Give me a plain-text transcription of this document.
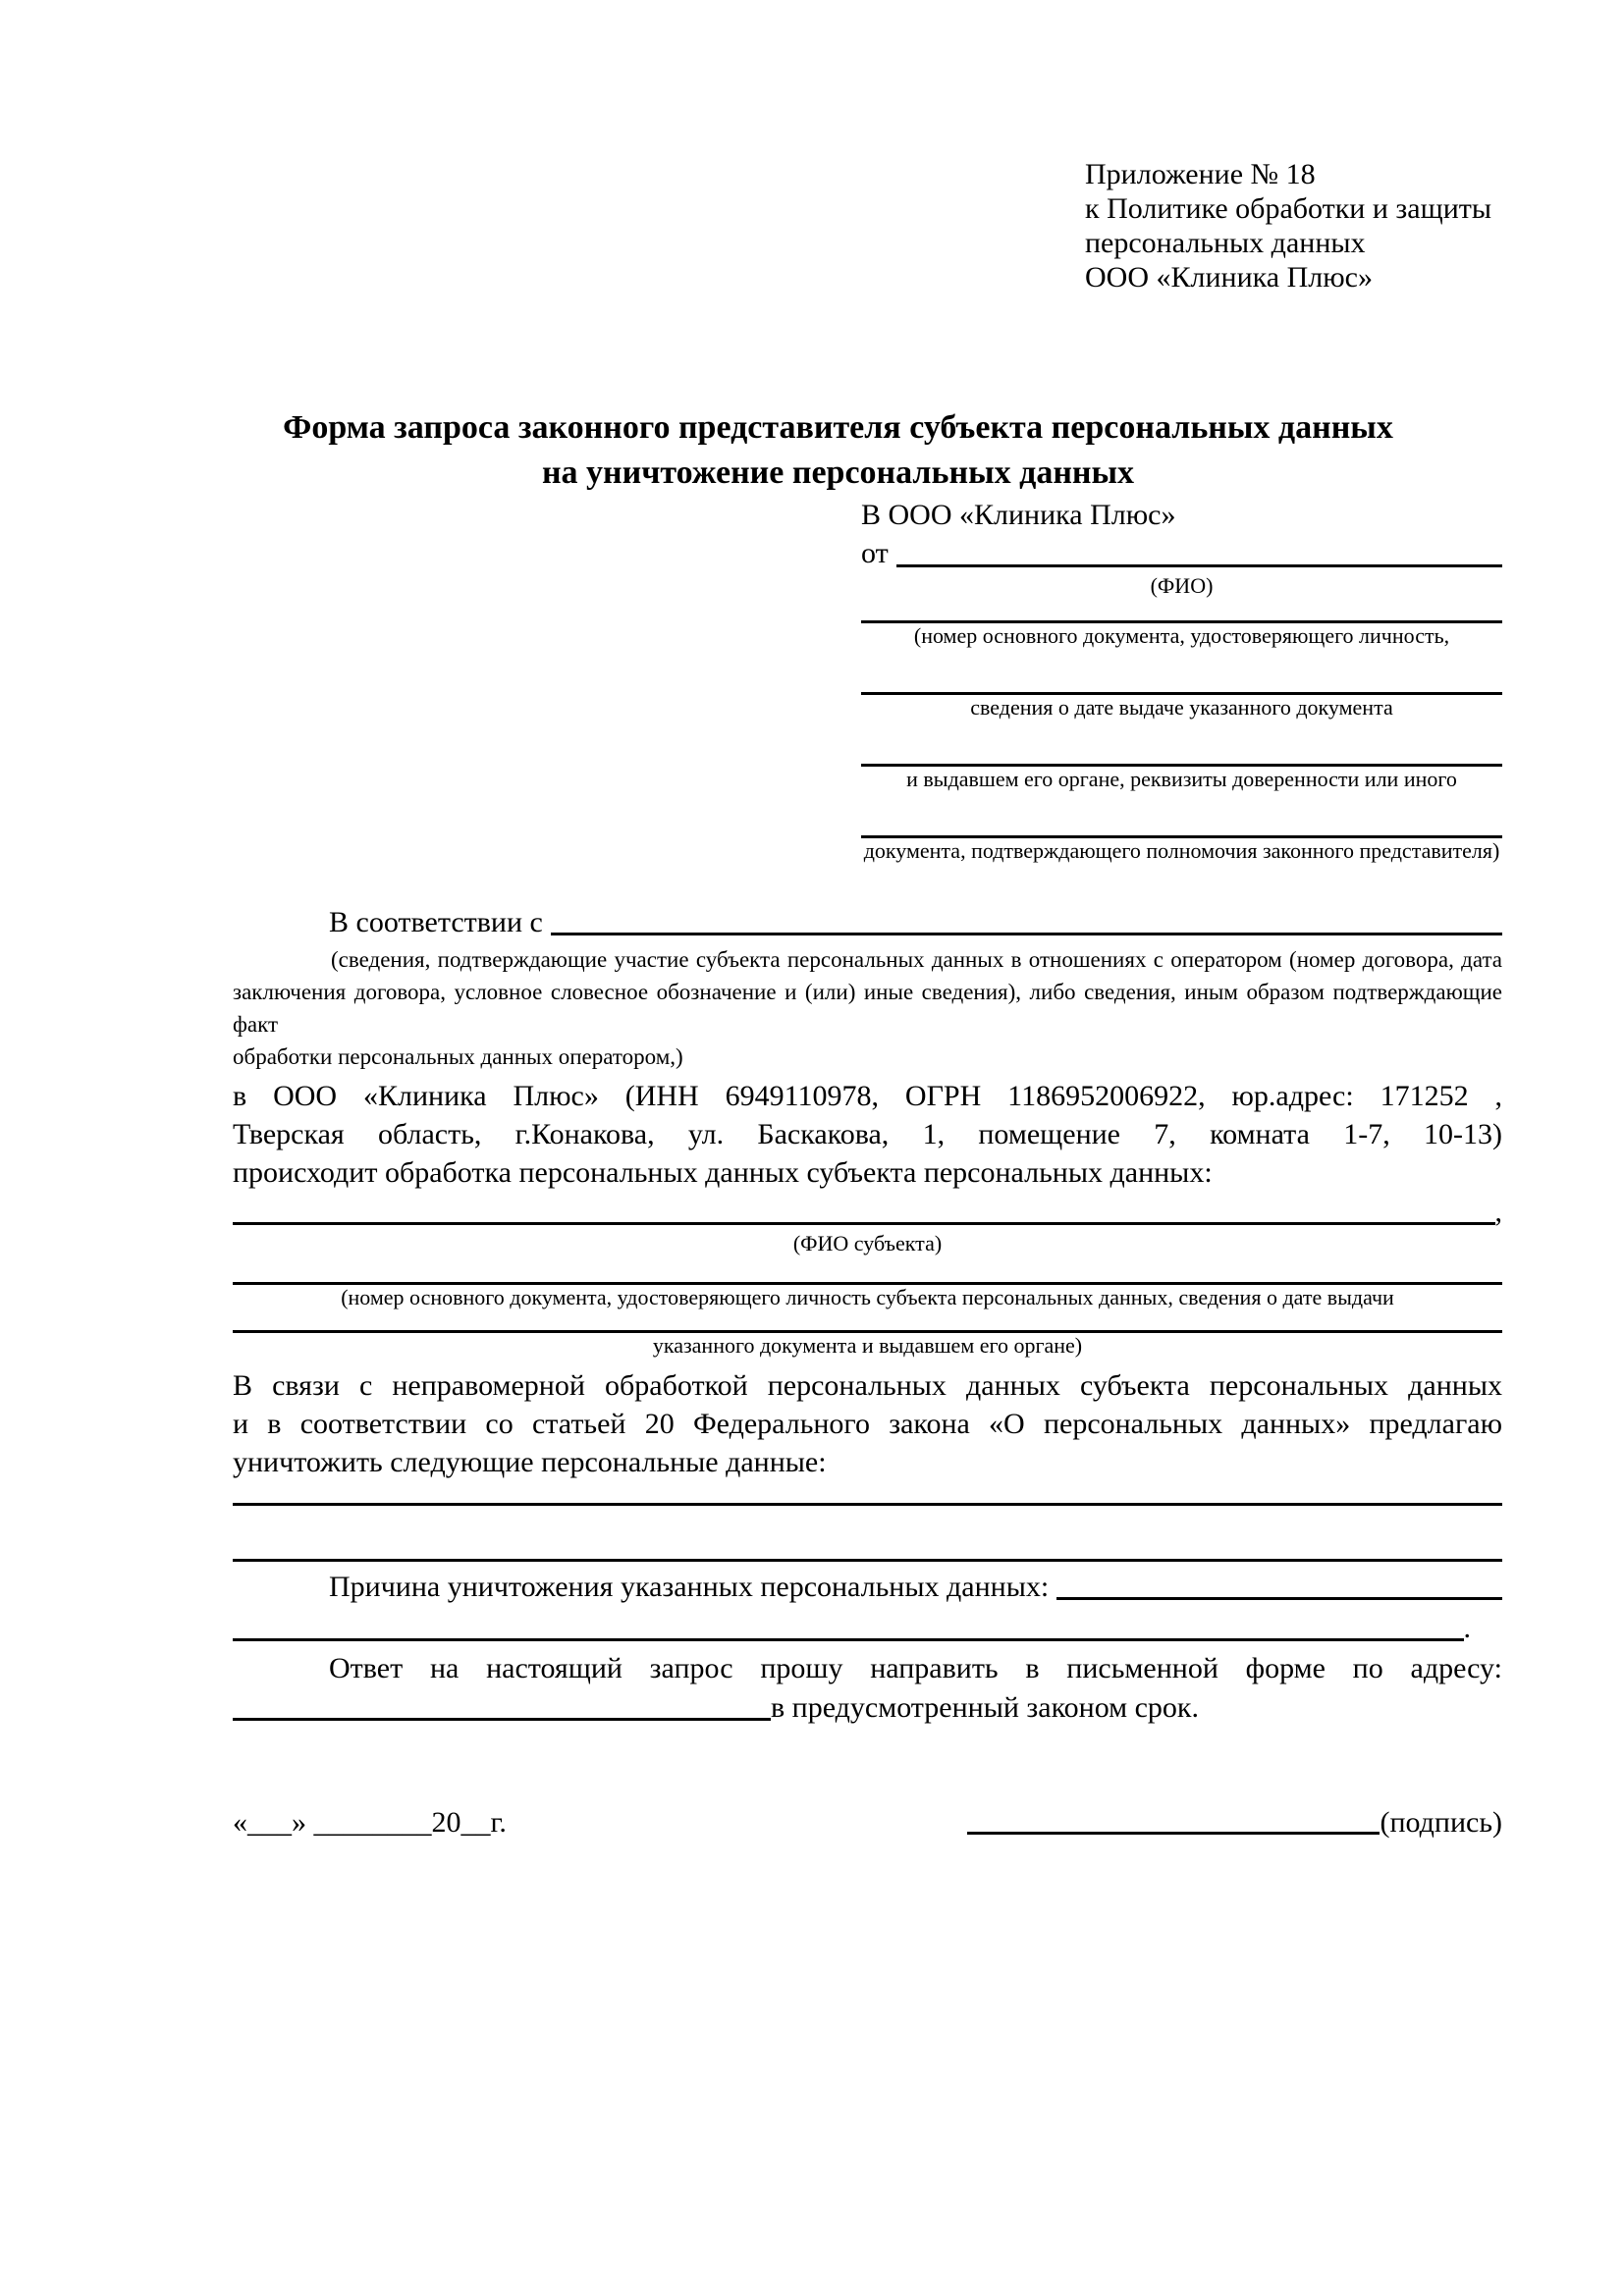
Приложение № 18
к Политике обработки и защиты
персональных данных
ООО «Клиника Плюс»
Форма запроса законного представителя субъекта персональных данных
на уничтожение персональных данных
В ООО «Клиника Плюс»
от
(ФИО)
(номер основного документа, удостоверяющего личность,
сведения о дате выдаче указанного документа
и выдавшем его органе, реквизиты доверенности или иного
документа, подтверждающего полномочия законного представителя)
В соответствии с
(сведения, подтверждающие участие субъекта персональных данных в отношениях с оператором (номер договора, дата
заключения договора, условное словесное обозначение и (или) иные сведения), либо сведения, иным образом подтверждающие факт
обработки персональных данных оператором,)
в ООО «Клиника Плюс» (ИНН 6949110978, ОГРН 1186952006922, юр.адрес: 171252 ,
Тверская область, г.Конакова, ул. Баскакова, 1, помещение 7, комната 1-7, 10-13)
происходит обработка персональных данных субъекта персональных данных:
,
(ФИО субъекта)
(номер основного документа, удостоверяющего личность субъекта персональных данных, сведения о дате выдачи
указанного документа и выдавшем его органе)
В связи с неправомерной обработкой персональных данных субъекта персональных данных
и в соответствии со статьей 20 Федерального закона «О персональных данных» предлагаю
уничтожить следующие персональные данные:
Причина уничтожения указанных персональных данных:
.
Ответ на настоящий запрос прошу направить в письменной форме по адресу:
в предусмотренный законом срок.
«___» ________20__г.	(подпись)
